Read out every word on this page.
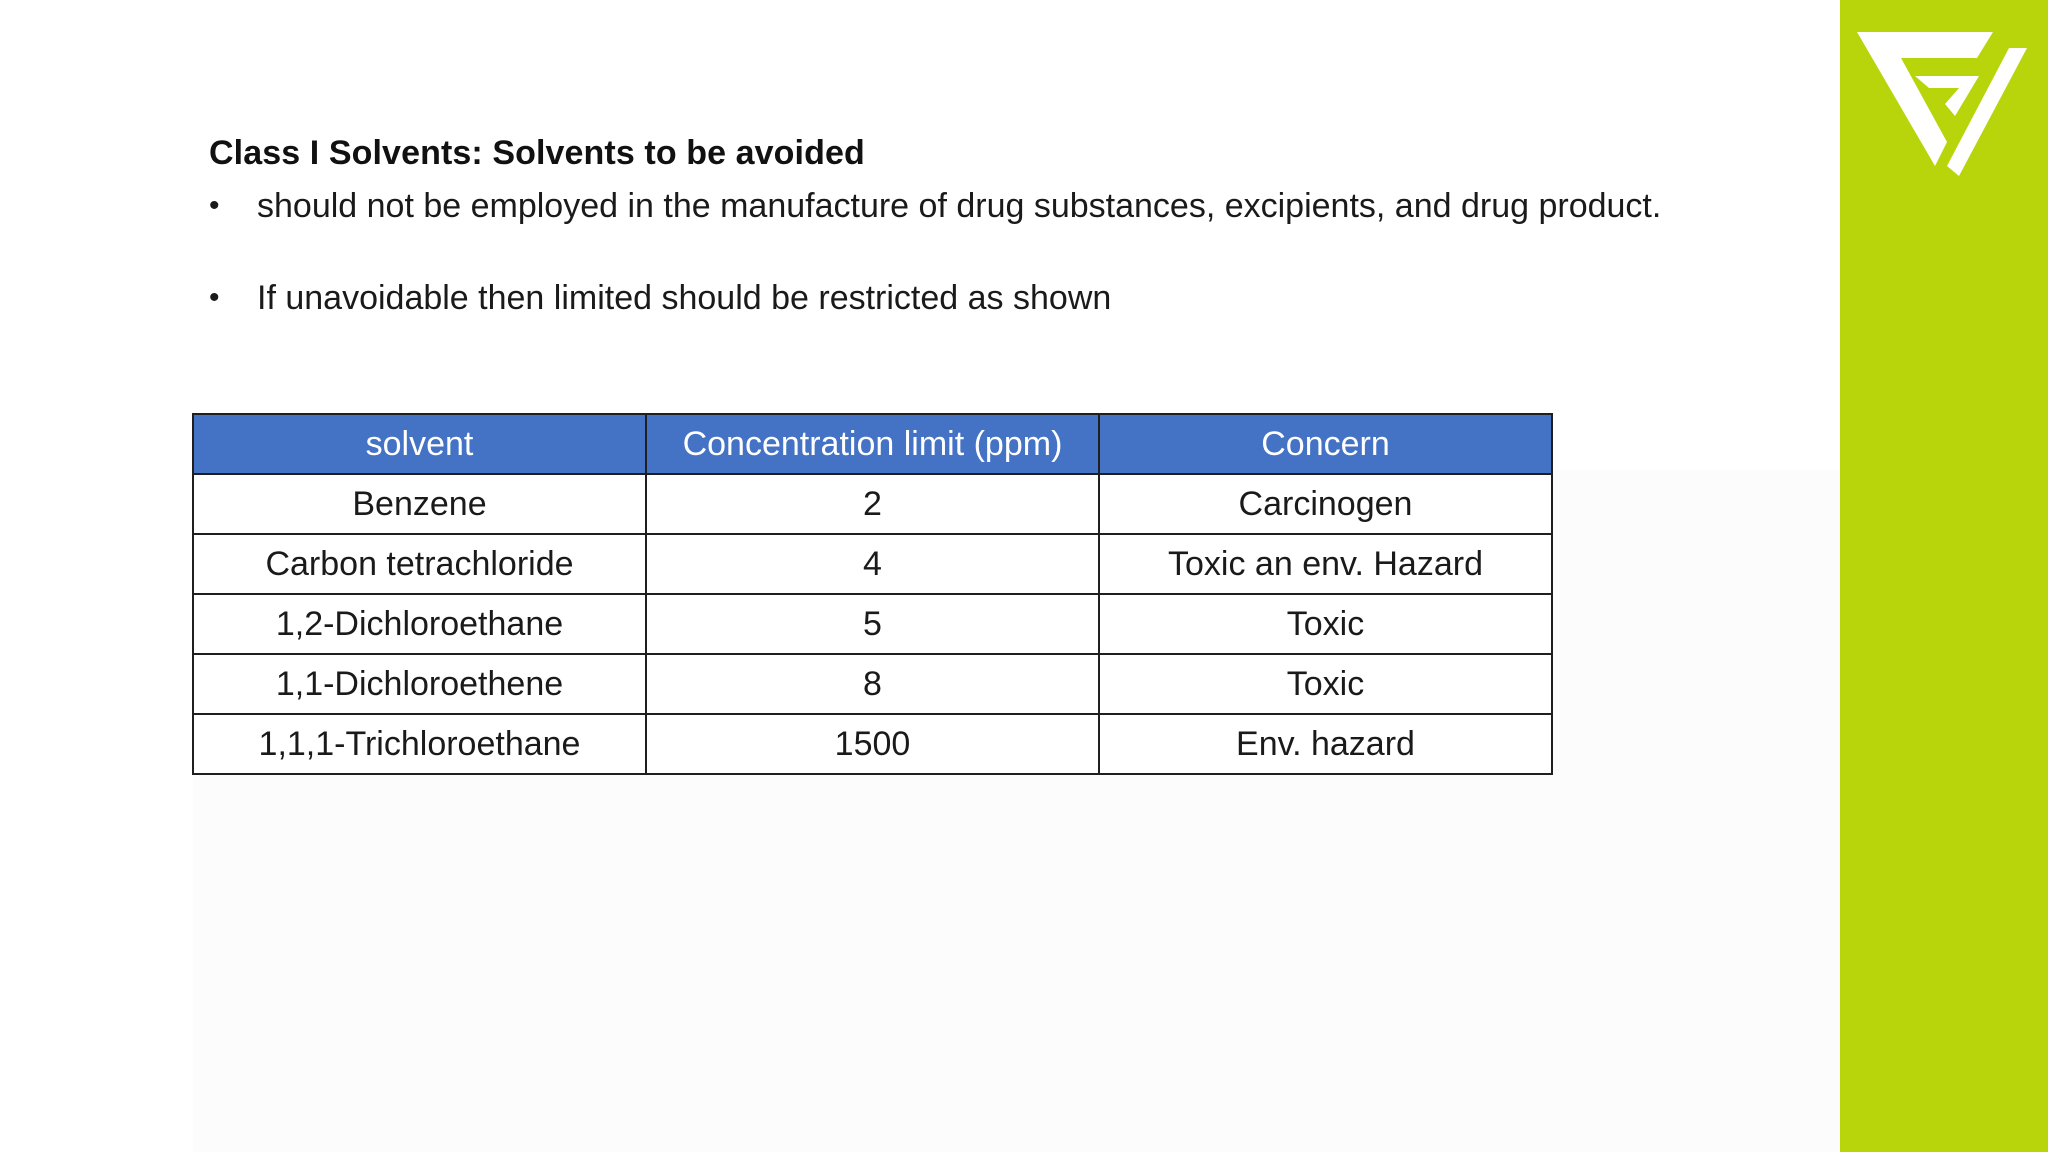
Class I Solvents: Solvents to be avoided
• should not be employed in the manufacture of drug substances, excipients, and drug product.
• If unavoidable then limited should be restricted as shown
solvent	Concentration limit (ppm)	Concern
Benzene	2	Carcinogen
Carbon tetrachloride	4	Toxic an env. Hazard
1,2-Dichloroethane	5	Toxic
1,1-Dichloroethene	8	Toxic
1,1,1-Trichloroethane	1500	Env. hazard
